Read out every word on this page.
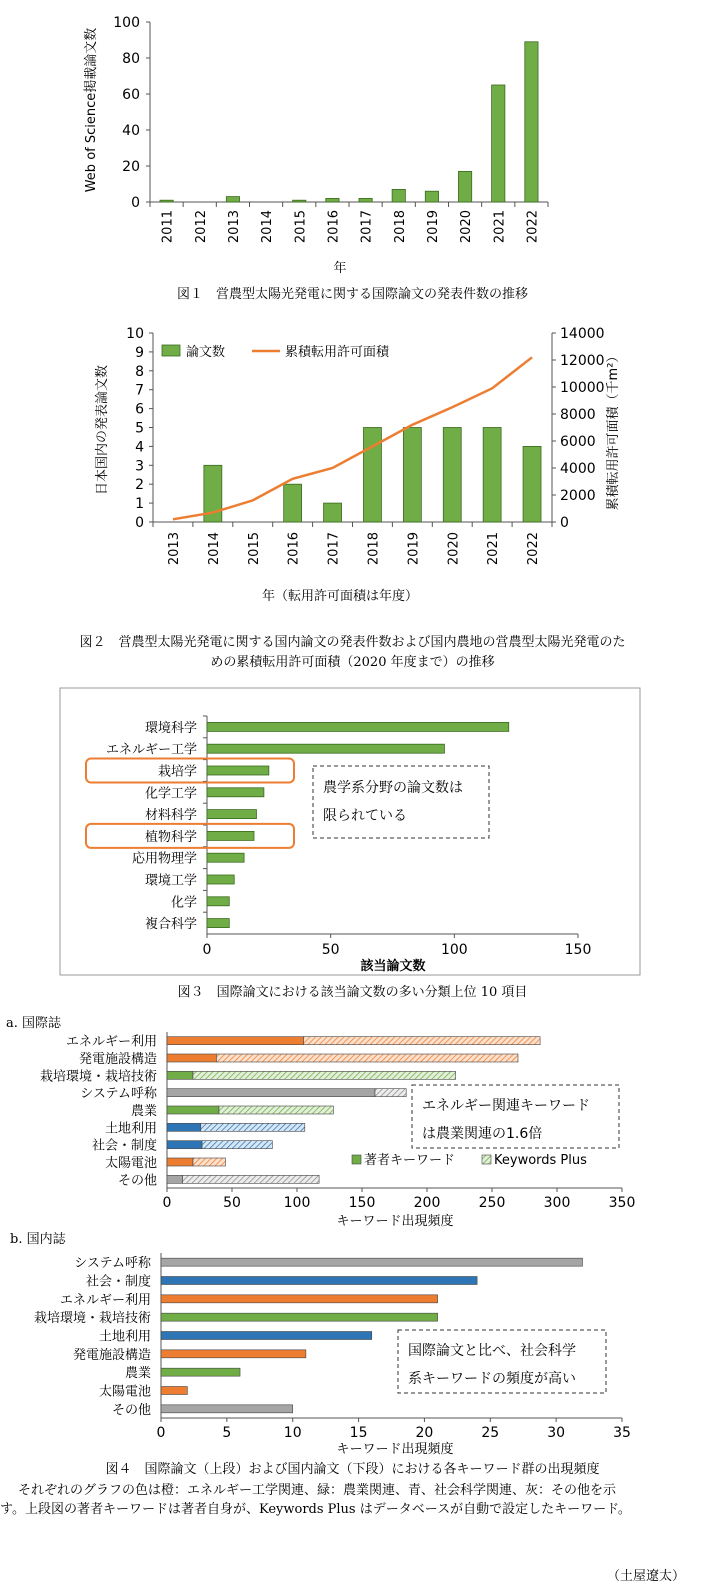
0
20
40
60
80
100
2011 2012 2013 2014 2015 2016 2017 2018 2019 2020 2021 2022
年
Web of Science掲載論文数
0
1
2
3
4
5
6
7
8
9
10
0
2000
4000
6000
8000
10000
12000
14000
2013 2014 2015 2016 2017 2018 2019 2020 2021 2022
論文数	累積転用許可面積
年（転用許可面積は年度）
日本国内の発表論文数	累積転用許可面積（千m²）
0	50	100	150
環境科学
エネルギー工学
栽培学
化学工学
材料科学
植物科学
応用物理学
環境工学
化学
複合科学
該当論文数
農学系分野の論文数は
限られている
0	50	100	150	200	250	300	350
エネルギー利用
発電施設構造
栽培環境・栽培技術
システム呼称
農業
土地利用
社会・制度
太陽電池
その他
エネルギー関連キーワード
は農業関連の1.6倍
著者キーワード	Keywords Plus
キーワード出現頻度
0	5	10	15	20	25	30	35
システム呼称
社会・制度
エネルギー利用
栽培環境・栽培技術
土地利用
発電施設構造
農業
太陽電池
その他
国際論文と比べ、社会科学
系キーワードの頻度が高い
キーワード出現頻度
図１　営農型太陽光発電に関する国際論文の発表件数の推移
図２　営農型太陽光発電に関する国内論文の発表件数および国内農地の営農型太陽光発電のた
めの累積転用許可面積（2020 年度まで）の推移
図３　国際論文における該当論文数の多い分類上位 10 項目
a. 国際誌
b. 国内誌
図４　国際論文（上段）および国内論文（下段）における各キーワード群の出現頻度
それぞれのグラフの色は橙：エネルギー工学関連、緑：農業関連、青、社会科学関連、灰：その他を示
す。上段図の著者キーワードは著者自身が、Keywords Plus はデータベースが自動で設定したキーワード。
（土屋遼太）
